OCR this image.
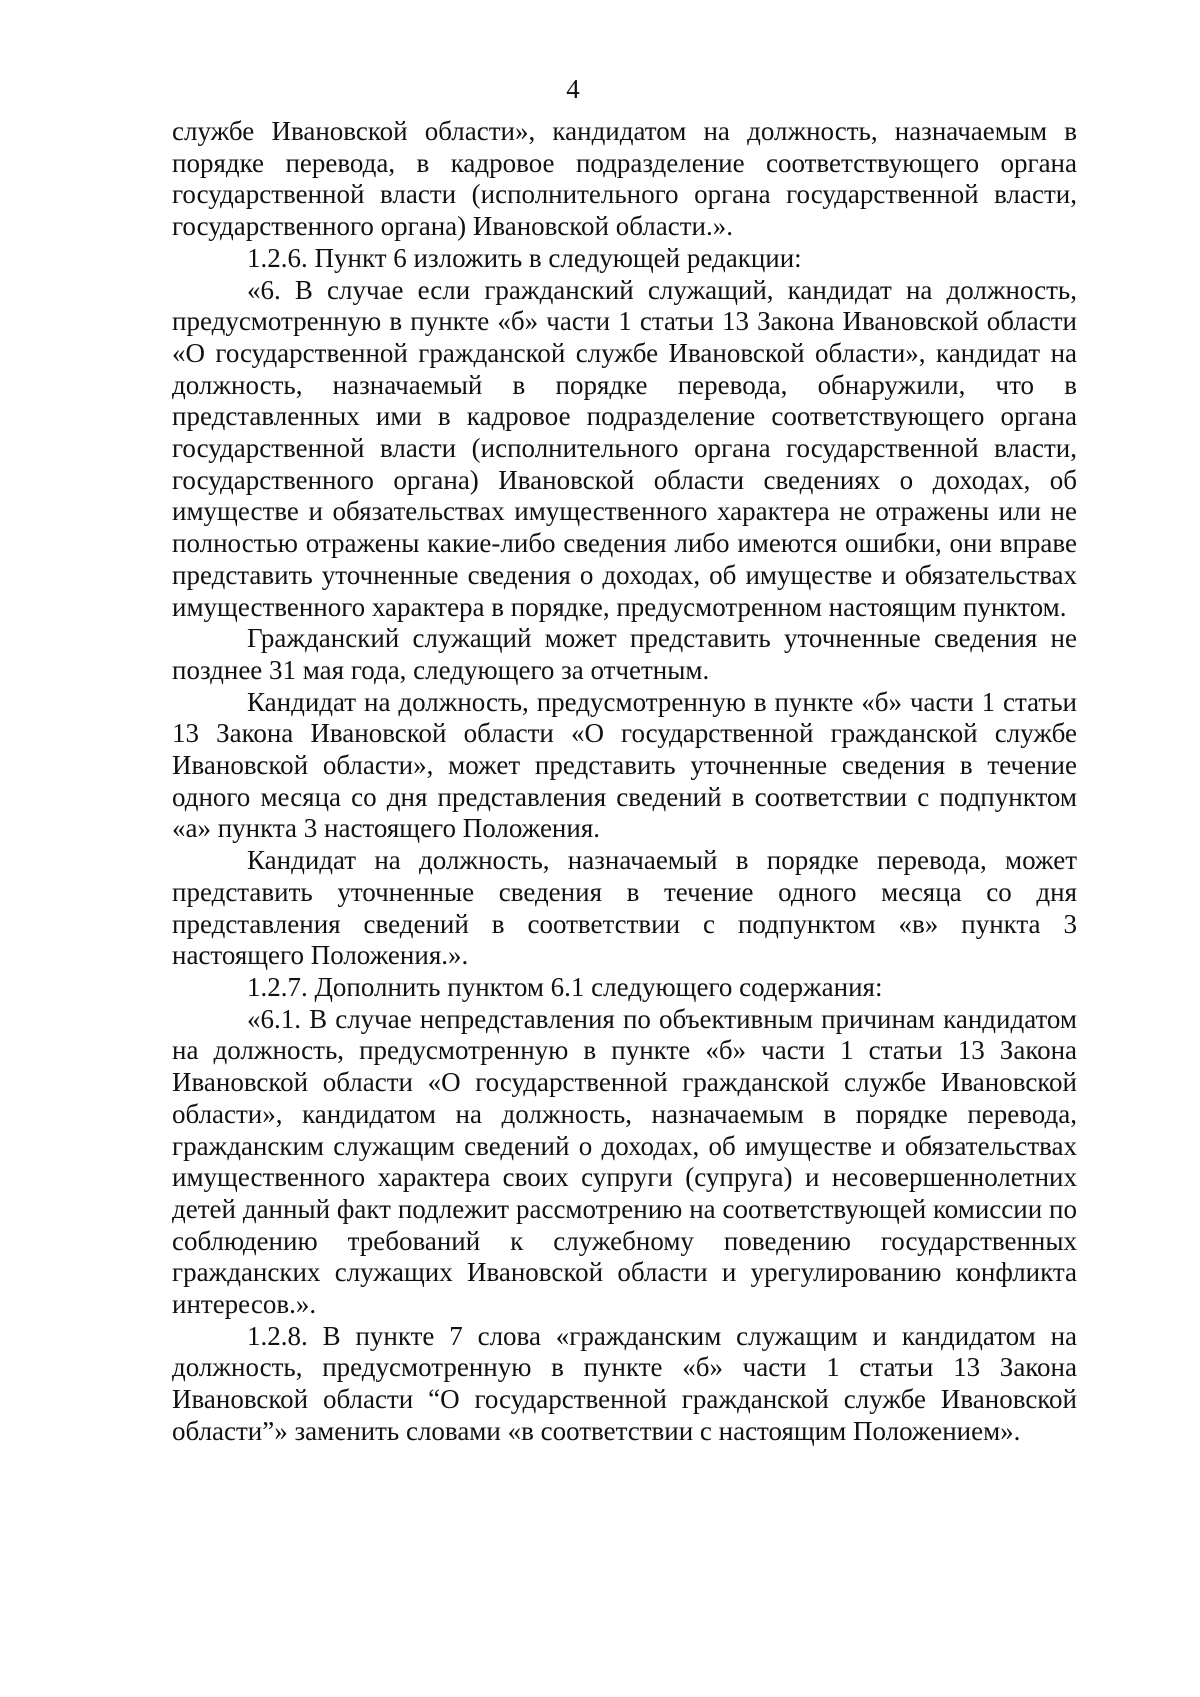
4

службе Ивановской области», кандидатом на должность, назначаемым в порядке перевода, в кадровое подразделение соответствующего органа государственной власти (исполнительного органа государственной власти, государственного органа) Ивановской области.».

1.2.6. Пункт 6 изложить в следующей редакции:

«6. В случае если гражданский служащий, кандидат на должность, предусмотренную в пункте «б» части 1 статьи 13 Закона Ивановской области «О государственной гражданской службе Ивановской области», кандидат на должность, назначаемый в порядке перевода, обнаружили, что в представленных ими в кадровое подразделение соответствующего органа государственной власти (исполнительного органа государственной власти, государственного органа) Ивановской области сведениях о доходах, об имуществе и обязательствах имущественного характера не отражены или не полностью отражены какие-либо сведения либо имеются ошибки, они вправе представить уточненные сведения о доходах, об имуществе и обязательствах имущественного характера в порядке, предусмотренном настоящим пунктом.

Гражданский служащий может представить уточненные сведения не позднее 31 мая года, следующего за отчетным.

Кандидат на должность, предусмотренную в пункте «б» части 1 статьи 13 Закона Ивановской области «О государственной гражданской службе Ивановской области», может представить уточненные сведения в течение одного месяца со дня представления сведений в соответствии с подпунктом «а» пункта 3 настоящего Положения.

Кандидат на должность, назначаемый в порядке перевода, может представить уточненные сведения в течение одного месяца со дня представления сведений в соответствии с подпунктом «в» пункта 3 настоящего Положения.».

1.2.7. Дополнить пунктом 6.1 следующего содержания:

«6.1. В случае непредставления по объективным причинам кандидатом на должность, предусмотренную в пункте «б» части 1 статьи 13 Закона Ивановской области «О государственной гражданской службе Ивановской области», кандидатом на должность, назначаемым в порядке перевода, гражданским служащим сведений о доходах, об имуществе и обязательствах имущественного характера своих супруги (супруга) и несовершеннолетних детей данный факт подлежит рассмотрению на соответствующей комиссии по соблюдению требований к служебному поведению государственных гражданских служащих Ивановской области и урегулированию конфликта интересов.».

1.2.8. В пункте 7 слова «гражданским служащим и кандидатом на должность, предусмотренную в пункте «б» части 1 статьи 13 Закона Ивановской области “О государственной гражданской службе Ивановской области”» заменить словами «в соответствии с настоящим Положением».
